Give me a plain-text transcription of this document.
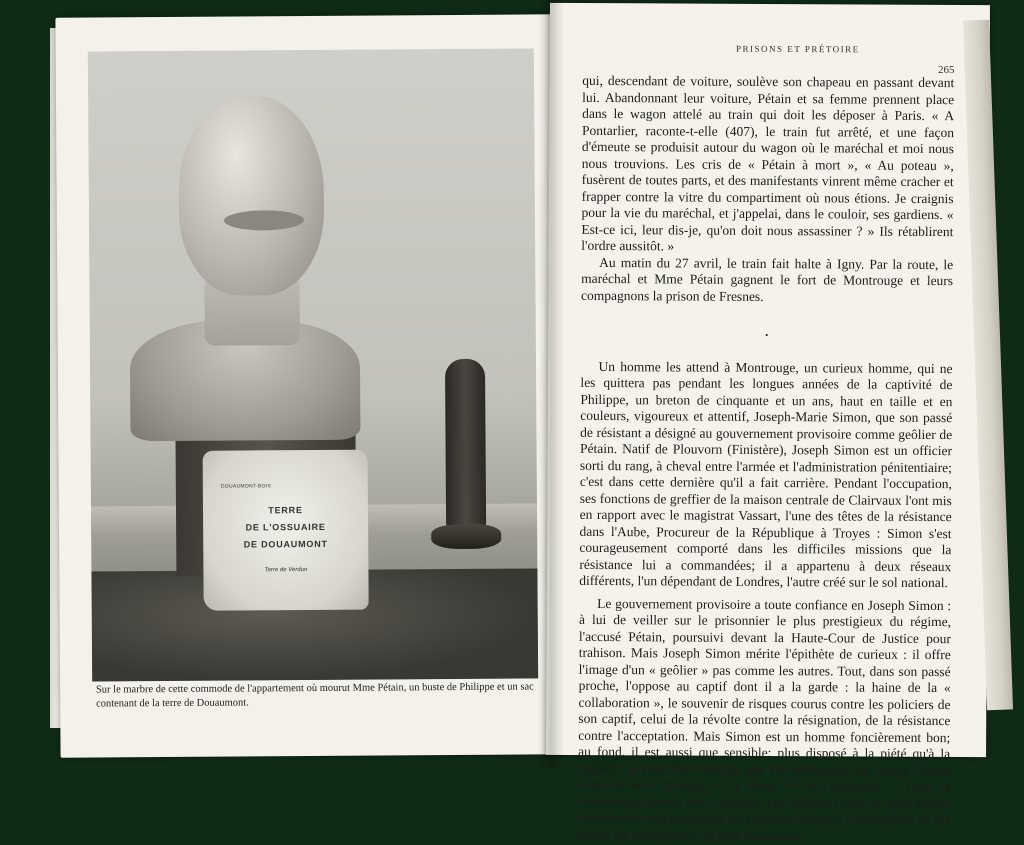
DOUAUMONT-BOIS
TERRE
DE L'OSSUAIRE
DE DOUAUMONT
Terre de Verdun
Sur le marbre de cette commode de l'appartement où mourut Mme Pétain, un buste de Philippe et un sac contenant de la terre de Douaumont.
PRISONS ET PRÉTOIRE
265

qui, descendant de voiture, soulève son chapeau en passant devant lui. Abandonnant leur voiture, Pétain et sa femme prennent place dans le wagon attelé au train qui doit les déposer à Paris. « A Pontarlier, raconte-t-elle (407), le train fut arrêté, et une façon d'émeute se produisit autour du wagon où le maréchal et moi nous nous trouvions. Les cris de « Pétain à mort », « Au poteau », fusèrent de toutes parts, et des manifestants vinrent même cracher et frapper contre la vitre du compartiment où nous étions. Je craignis pour la vie du maréchal, et j'appelai, dans le couloir, ses gardiens. « Est-ce ici, leur dis-je, qu'on doit nous assassiner ? » Ils rétablirent l'ordre aussitôt. »

Au matin du 27 avril, le train fait halte à Igny. Par la route, le maréchal et Mme Pétain gagnent le fort de Montrouge et leurs compagnons la prison de Fresnes.

•

Un homme les attend à Montrouge, un curieux homme, qui ne les quittera pas pendant les longues années de la captivité de Philippe, un breton de cinquante et un ans, haut en taille et en couleurs, vigoureux et attentif, Joseph-Marie Simon, que son passé de résistant a désigné au gouvernement provisoire comme geôlier de Pétain. Natif de Plouvorn (Finistère), Joseph Simon est un officier sorti du rang, à cheval entre l'armée et l'administration pénitentiaire; c'est dans cette dernière qu'il a fait carrière. Pendant l'occupation, ses fonctions de greffier de la maison centrale de Clairvaux l'ont mis en rapport avec le magistrat Vassart, l'une des têtes de la résistance dans l'Aube, Procureur de la République à Troyes : Simon s'est courageusement comporté dans les difficiles missions que la résistance lui a commandées; il a appartenu à deux réseaux différents, l'un dépendant de Londres, l'autre créé sur le sol national.

Le gouvernement provisoire a toute confiance en Joseph Simon : à lui de veiller sur le prisonnier le plus prestigieux du régime, l'accusé Pétain, poursuivi devant la Haute-Cour de Justice pour trahison. Mais Joseph Simon mérite l'épithète de curieux : il offre l'image d'un « geôlier » pas comme les autres. Tout, dans son passé proche, l'oppose au captif dont il a la garde : la haine de la « collaboration », le souvenir de risques courus contre les policiers de son captif, celui de la révolte contre la résignation, de la résistance contre l'acceptation. Mais Simon est un homme foncièrement bon; au fond, il est aussi que sensible; plus disposé à la piété qu'à la rigueur; sa simplicité humain que son prisonnier. Et Joseph Simon confiera, avec Philippe, « Le vieux ? Il m'a emboiné... » Dans sa cohabitation forcée avec Philippe, cet Hudson-Lowe au cœur tendre réconfortera son prisonnier plus qu'il ne brimera; il recueillera de ses lèvres les confidences les plus étonnantes,
